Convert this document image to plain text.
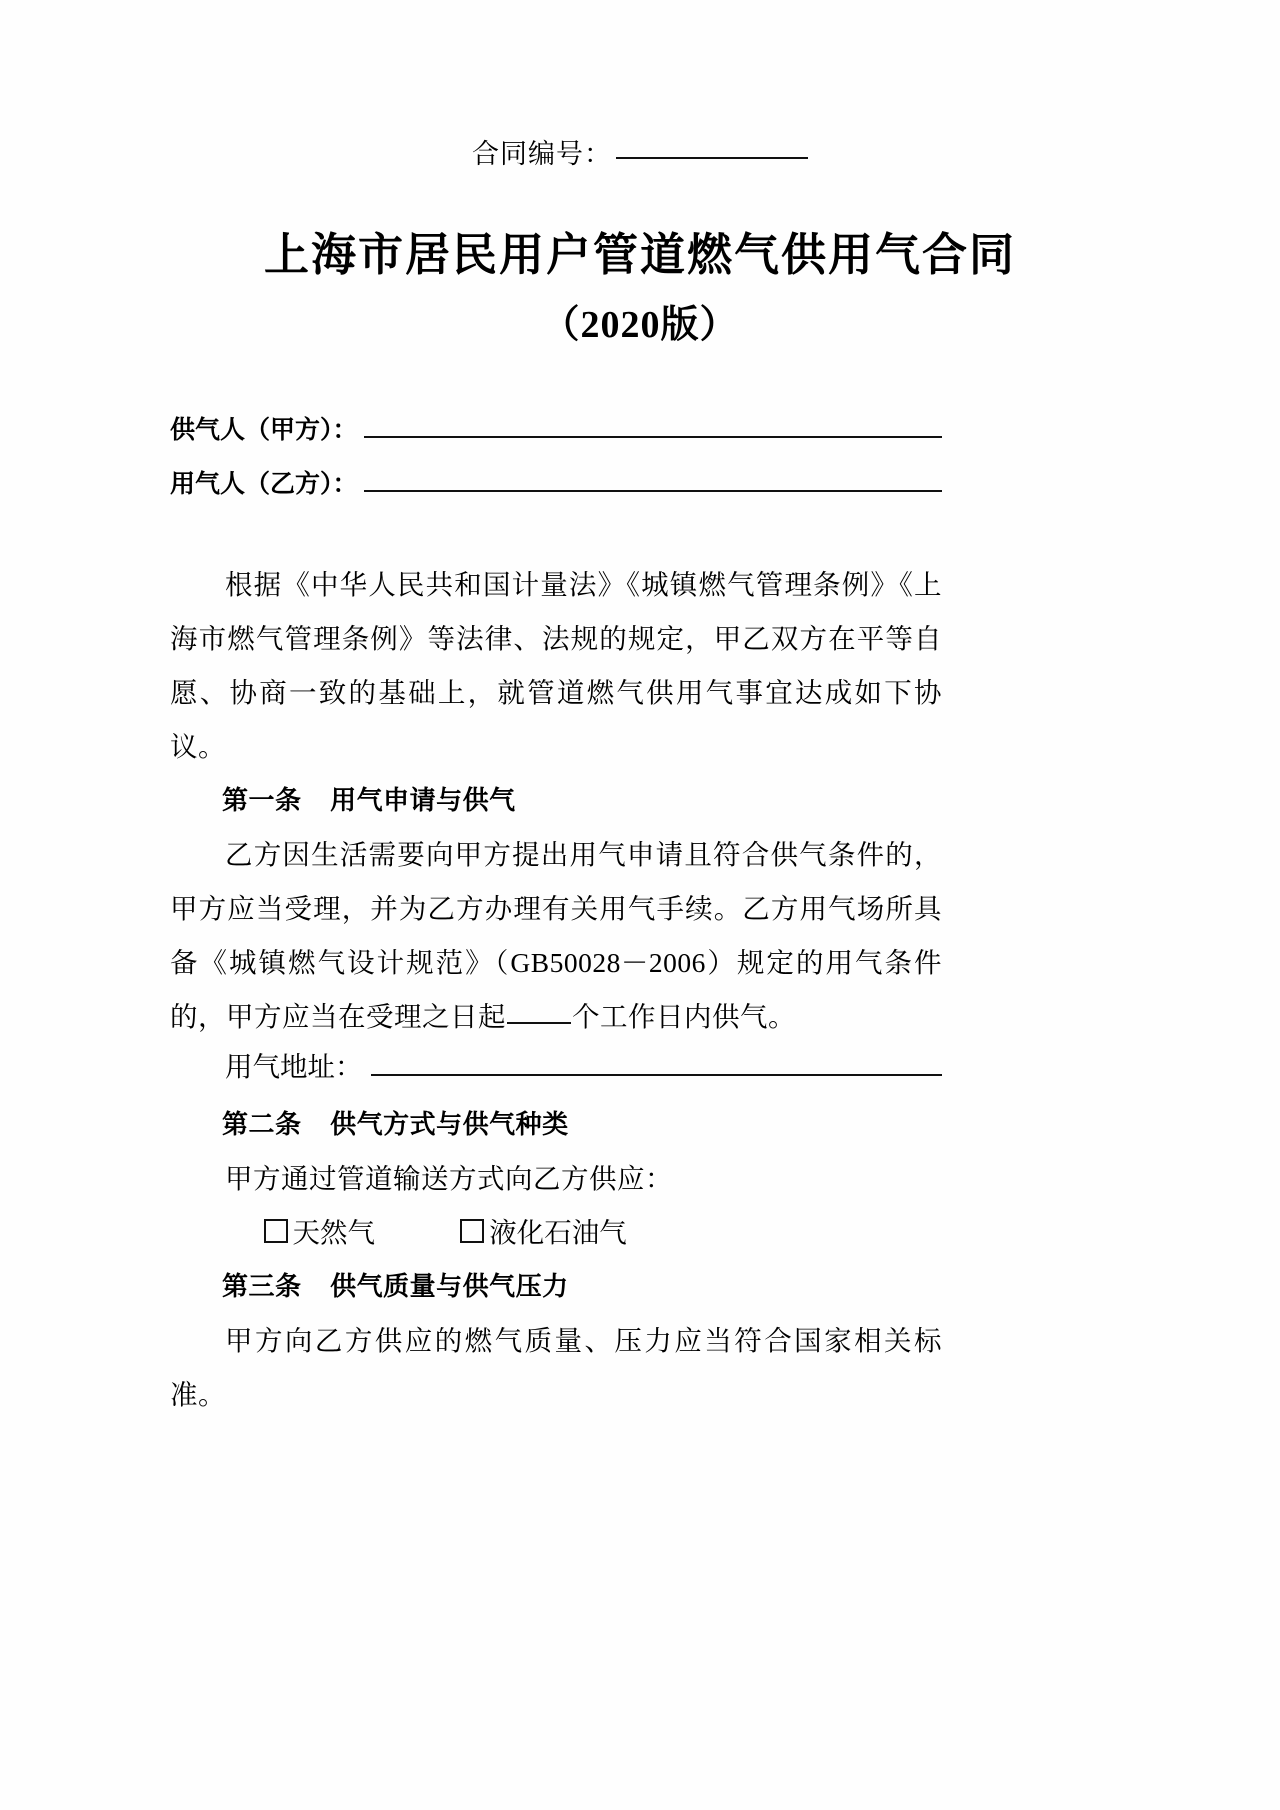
合同编号：
上海市居民用户管道燃气供用气合同
（2020版）
供气人（甲方）：
用气人（乙方）：

根据《中华人民共和国计量法》《城镇燃气管理条例》《上海市燃气管理条例》等法律、法规的规定，甲乙双方在平等自愿、协商一致的基础上，就管道燃气供用气事宜达成如下协议。

第一条 用气申请与供气

乙方因生活需要向甲方提出用气申请且符合供气条件的，甲方应当受理，并为乙方办理有关用气手续。乙方用气场所具备《城镇燃气设计规范》（GB50028－2006）规定的用气条件的，甲方应当在受理之日起 个工作日内供气。

用气地址：

第二条 供气方式与供气种类

甲方通过管道输送方式向乙方供应：

天然气	液化石油气

第三条 供气质量与供气压力

甲方向乙方供应的燃气质量、压力应当符合国家相关标准。
